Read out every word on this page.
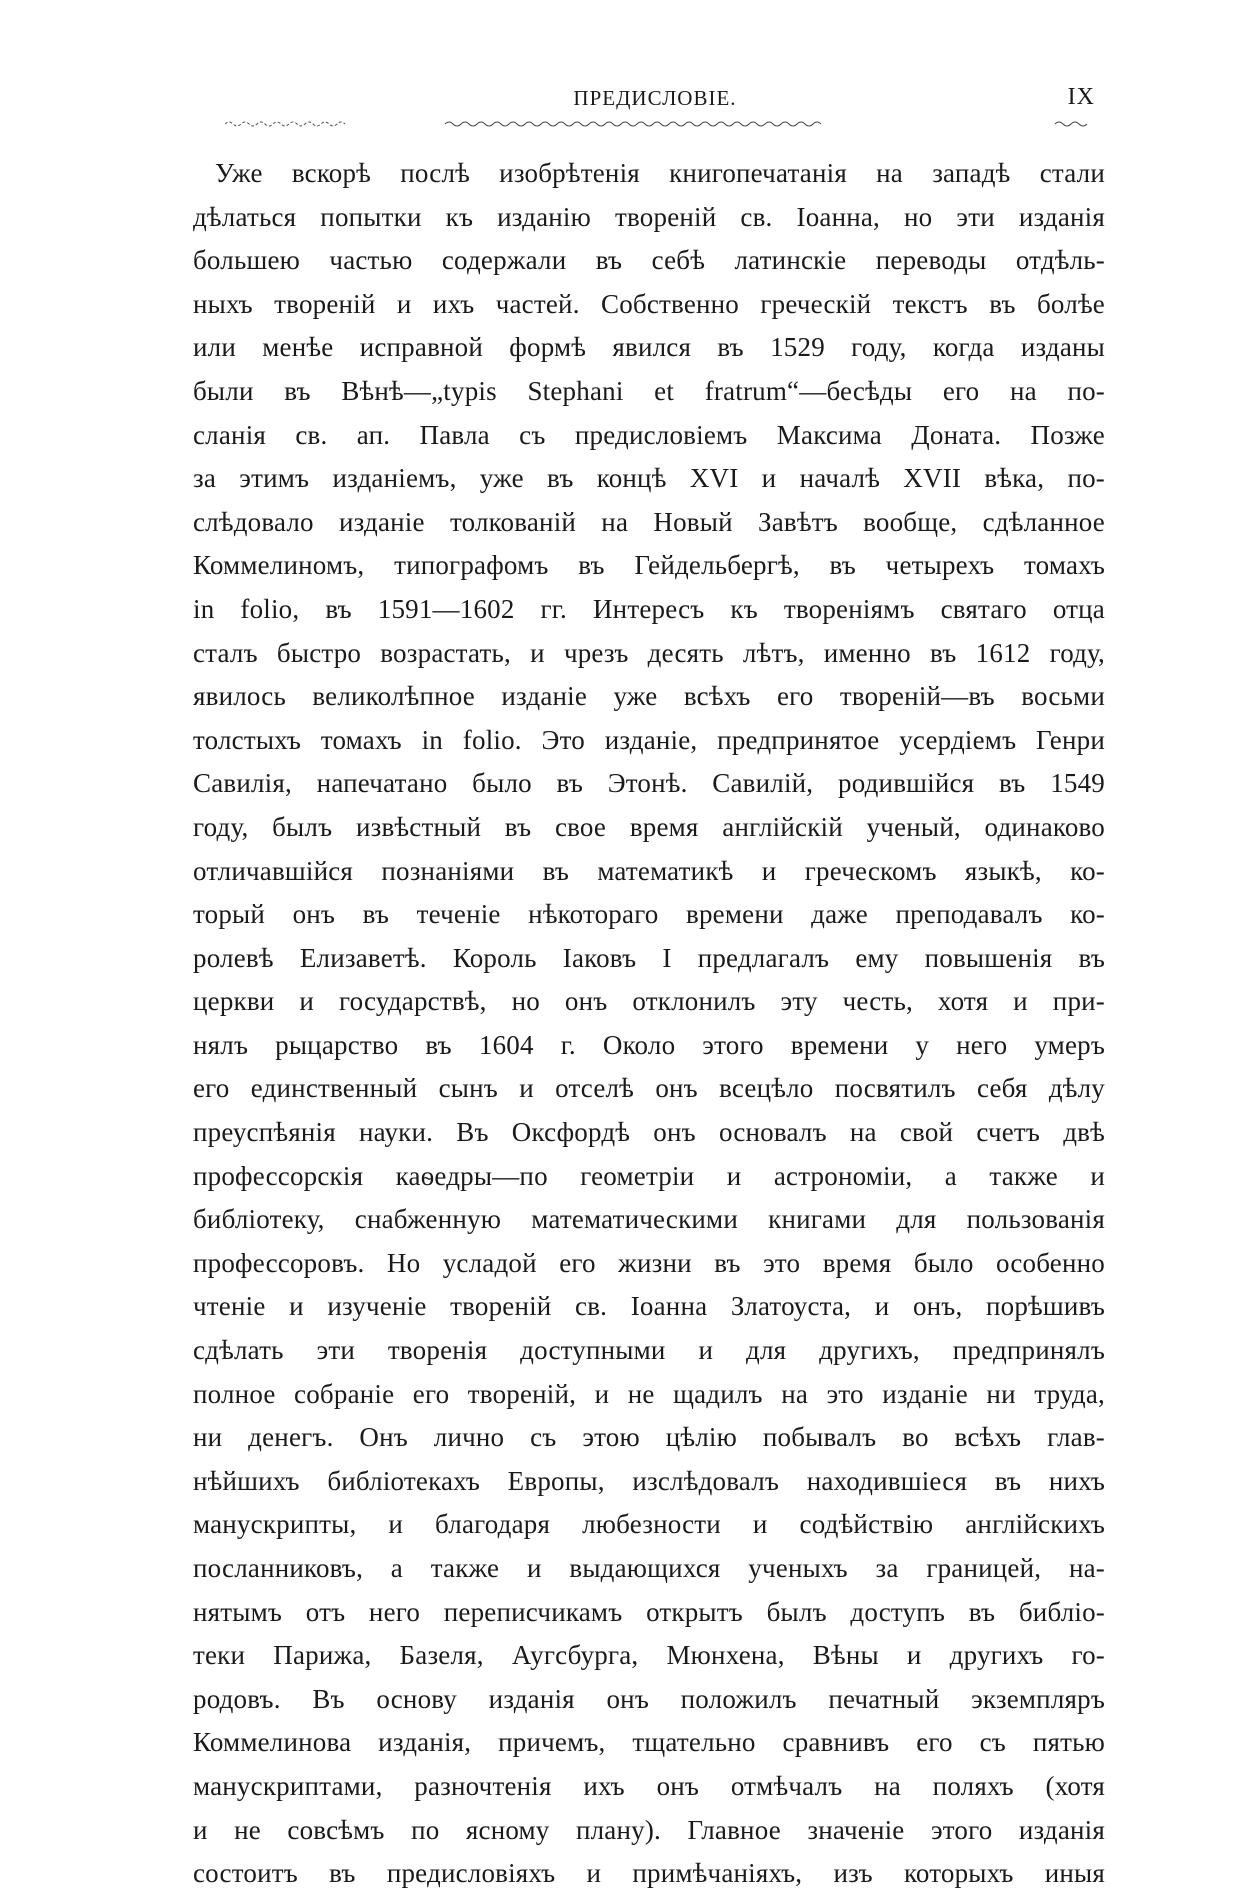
ПРЕДИСЛОВІЕ.	IX
Уже вскорѣ послѣ изобрѣтенія книгопечатанія на западѣ стали
дѣлаться попытки къ изданію твореній св. Іоанна, но эти изданія
большею частью содержали въ себѣ латинскіе переводы отдѣль-
ныхъ твореній и ихъ частей. Собственно греческій текстъ въ болѣе
или менѣе исправной формѣ явился въ 1529 году, когда изданы
были въ Вѣнѣ—„typis Stephani et fratrum“—бесѣды его на по-
сланія св. ап. Павла съ предисловіемъ Максима Доната. Позже
за этимъ изданіемъ, уже въ концѣ XVI и началѣ XVII вѣка, по-
слѣдовало изданіе толкованій на Новый Завѣтъ вообще, сдѣланное
Коммелиномъ, типографомъ въ Гейдельбергѣ, въ четырехъ томахъ
in folio, въ 1591—1602 гг. Интересъ къ твореніямъ святаго отца
сталъ быстро возрастать, и чрезъ десять лѣтъ, именно въ 1612 году,
явилось великолѣпное изданіе уже всѣхъ его твореній—въ восьми
толстыхъ томахъ in folio. Это изданіе, предпринятое усердіемъ Генри
Савилія, напечатано было въ Этонѣ. Савилій, родившійся въ 1549
году, былъ извѣстный въ свое время англійскій ученый, одинаково
отличавшійся познаніями въ математикѣ и греческомъ языкѣ, ко-
торый онъ въ теченіе нѣкотораго времени даже преподавалъ ко-
ролевѣ Елизаветѣ. Король Іаковъ I предлагалъ ему повышенія въ
церкви и государствѣ, но онъ отклонилъ эту честь, хотя и при-
нялъ рыцарство въ 1604 г. Около этого времени у него умеръ
его единственный сынъ и отселѣ онъ всецѣло посвятилъ себя дѣлу
преуспѣянія науки. Въ Оксфордѣ онъ основалъ на свой счетъ двѣ
профессорскія каѳедры—по геометріи и астрономіи, а также и
библіотеку, снабженную математическими книгами для пользованія
профессоровъ. Но усладой его жизни въ это время было особенно
чтеніе и изученіе твореній св. Іоанна Златоуста, и онъ, порѣшивъ
сдѣлать эти творенія доступными и для другихъ, предпринялъ
полное собраніе его твореній, и не щадилъ на это изданіе ни труда,
ни денегъ. Онъ лично съ этою цѣлію побывалъ во всѣхъ глав-
нѣйшихъ библіотекахъ Европы, изслѣдовалъ находившіеся въ нихъ
манускрипты, и благодаря любезности и содѣйствію англійскихъ
посланниковъ, а также и выдающихся ученыхъ за границей, на-
нятымъ отъ него переписчикамъ открытъ былъ доступъ въ библіо-
теки Парижа, Базеля, Аугсбурга, Мюнхена, Вѣны и другихъ го-
родовъ. Въ основу изданія онъ положилъ печатный экземпляръ
Коммелинова изданія, причемъ, тщательно сравнивъ его съ пятью
манускриптами, разночтенія ихъ онъ отмѣчалъ на поляхъ (хотя
и не совсѣмъ по ясному плану). Главное значеніе этого изданія
состоитъ въ предисловіяхъ и примѣчаніяхъ, изъ которыхъ иныя
